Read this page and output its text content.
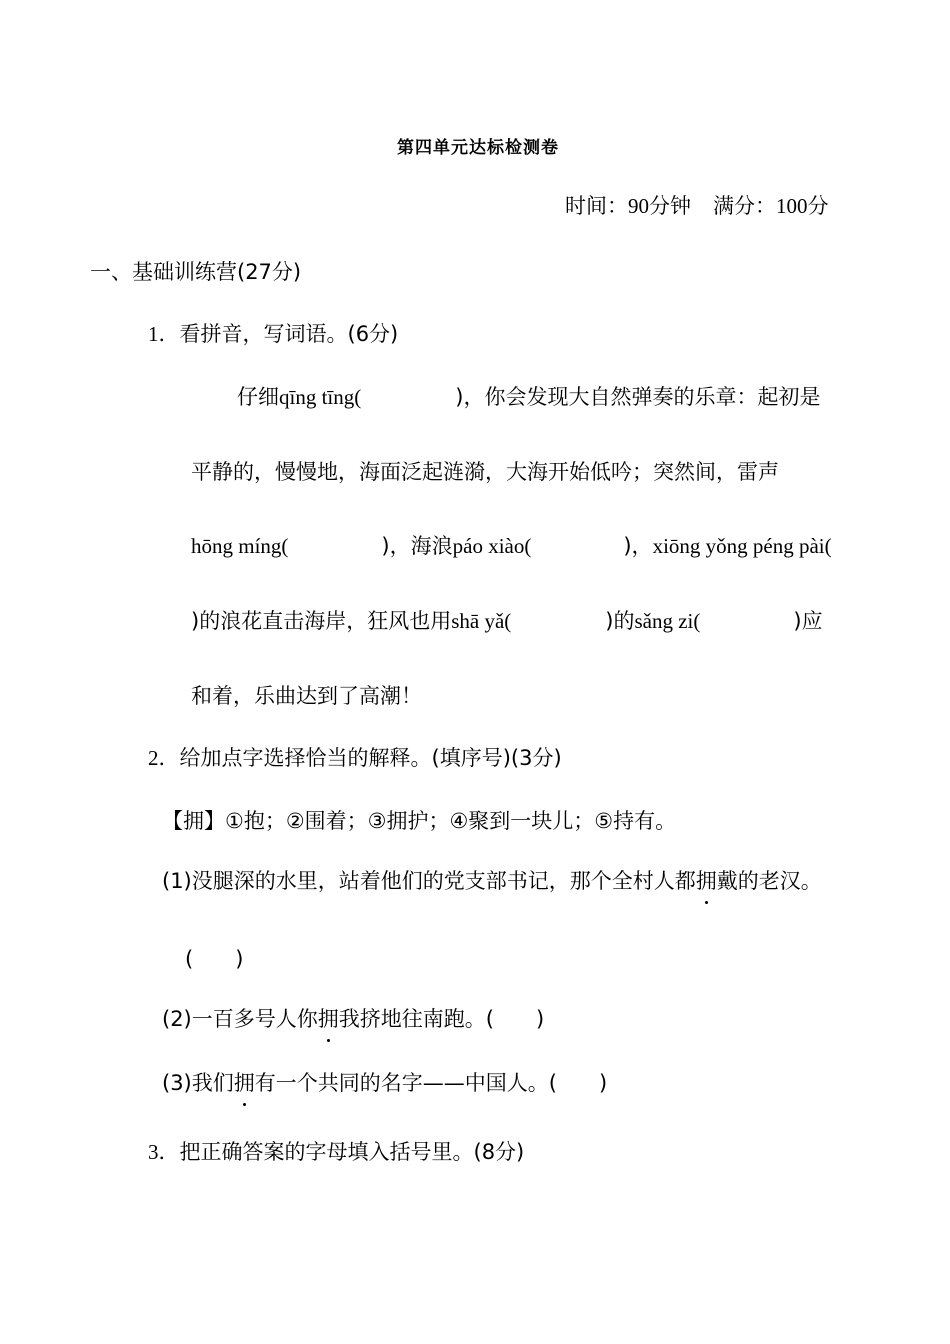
第四单元达标检测卷
时间：90分钟 满分：100分
一、基础训练营(27分)
1．看拼音，写词语。(6分)
仔细qīng tīng(	)，你会发现大自然弹奏的乐章：起初是
平静的，慢慢地，海面泛起涟漪，大海开始低吟；突然间，雷声
hōng míng(	)，海浪páo xiào(	)，xiōng yǒng péng pài(
)的浪花直击海岸，狂风也用shā yǎ(	)的sǎng zi(	)应
和着，乐曲达到了高潮！
2．给加点字选择恰当的解释。(填序号)(3分)
【拥】①抱；②围着；③拥护；④聚到一块儿；⑤持有。
(1)没腿深的水里，站着他们的党支部书记，那个全村人都拥戴的老汉。
(　　)
(2)一百多号人你拥我挤地往南跑。(　　)
(3)我们拥有一个共同的名字——中国人。(　　)
3．把正确答案的字母填入括号里。(8分)
